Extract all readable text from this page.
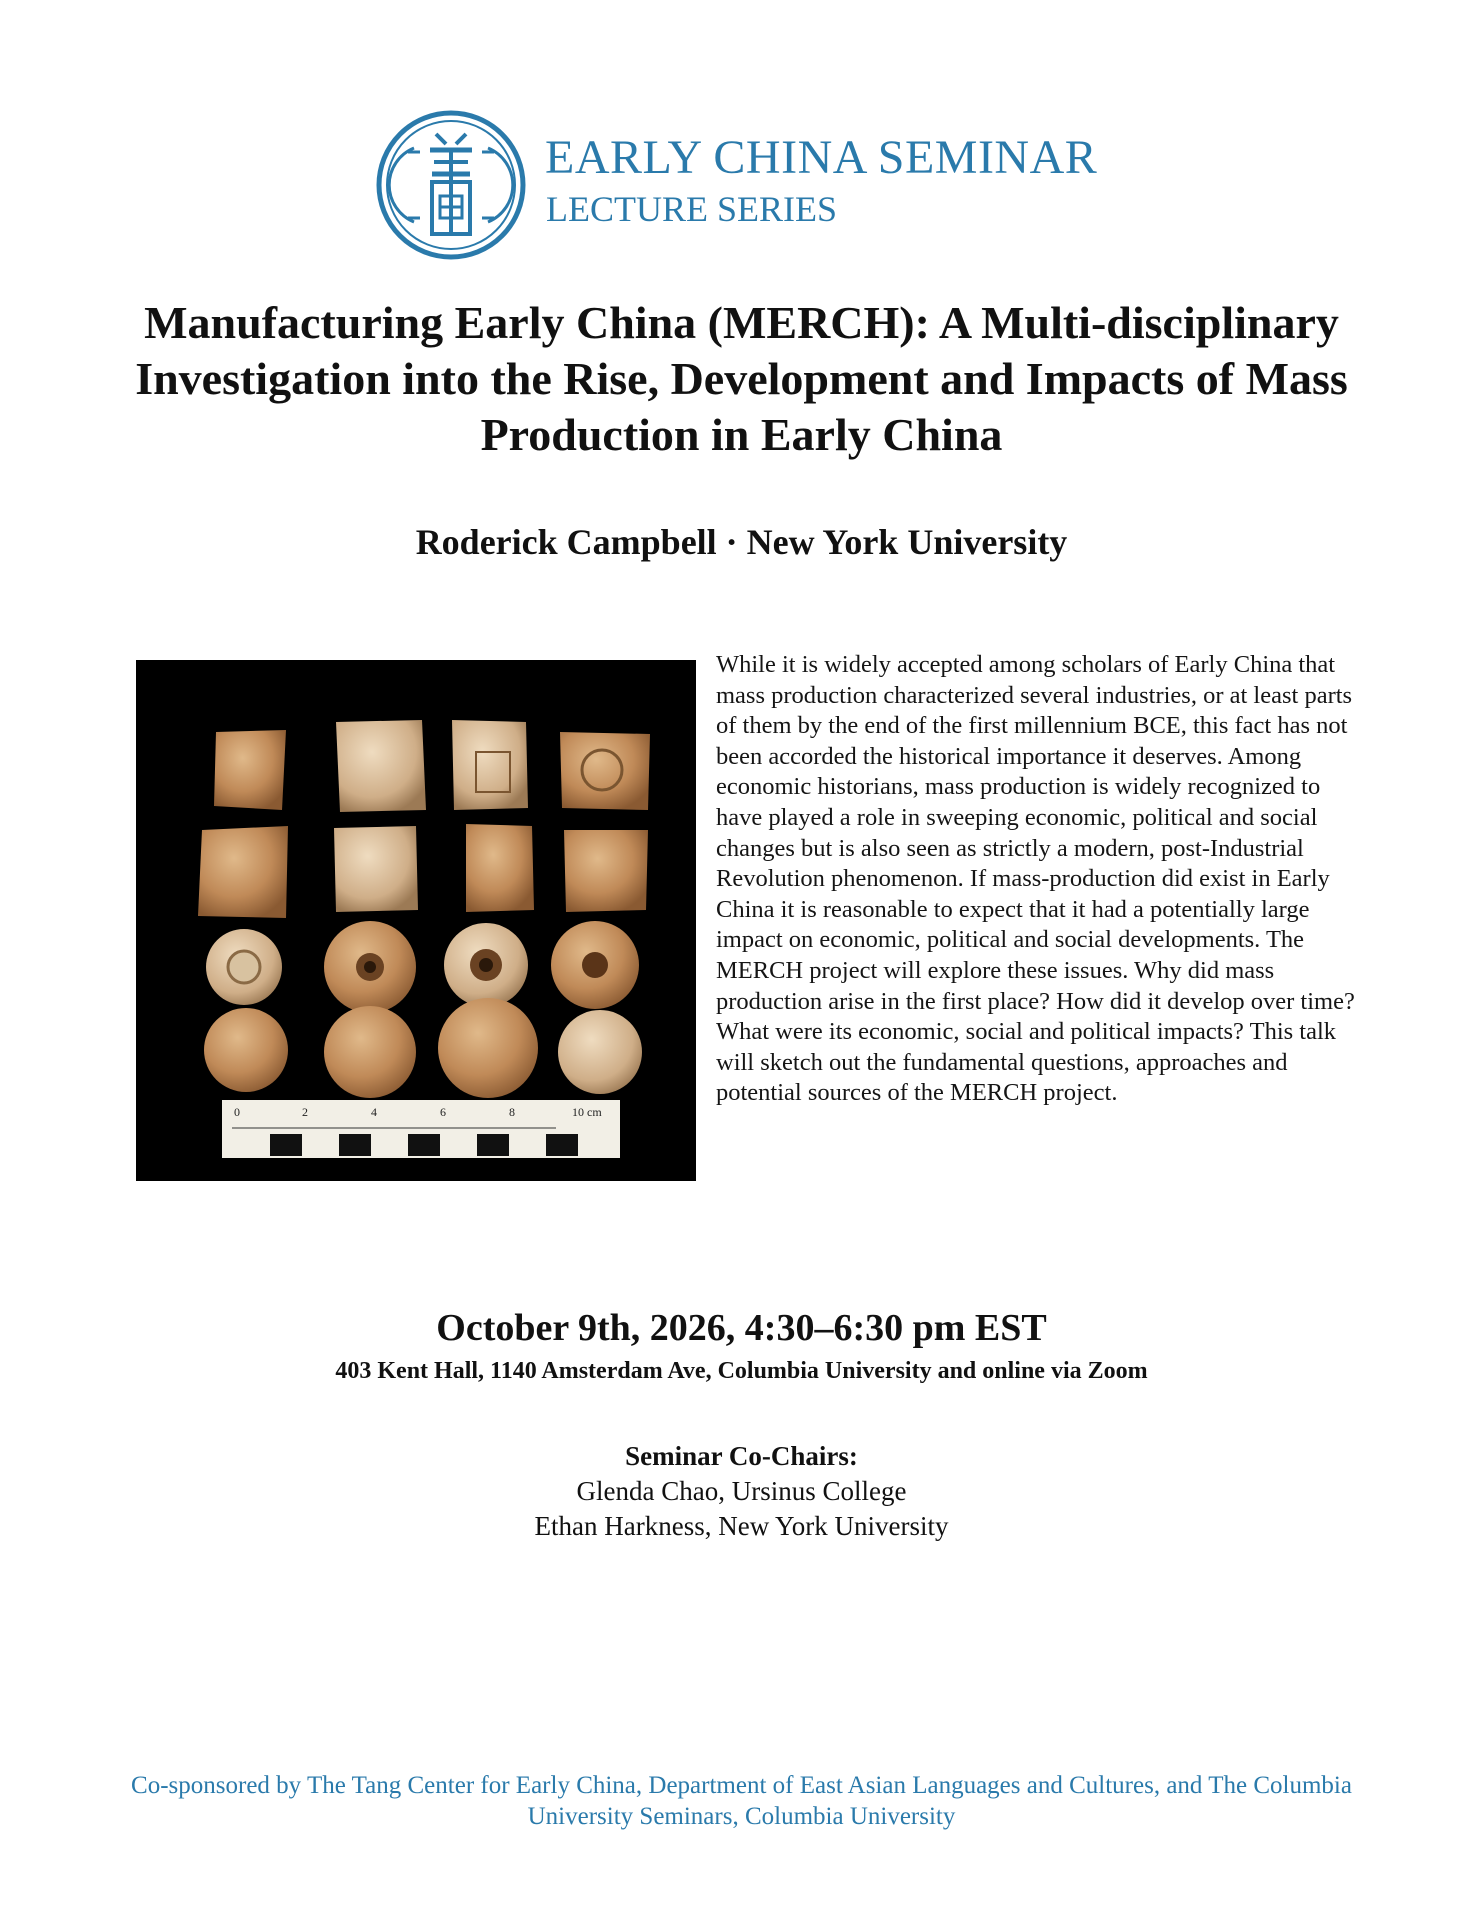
EARLY CHINA SEMINAR
LECTURE SERIES
Manufacturing Early China (MERCH): A Multi-disciplinary Investigation into the Rise, Development and Impacts of Mass Production in Early China
Roderick Campbell · New York University
0	2	4	6	8	10 cm

While it is widely accepted among scholars of Early China that mass production characterized several industries, or at least parts of them by the end of the first millennium BCE, this fact has not been accorded the historical importance it deserves. Among economic historians, mass production is widely recognized to have played a role in sweeping economic, political and social changes but is also seen as strictly a modern, post-Industrial Revolution phenomenon. If mass-production did exist in Early China it is reasonable to expect that it had a potentially large impact on economic, political and social developments. The MERCH project will explore these issues. Why did mass production arise in the first place? How did it develop over time? What were its economic, social and political impacts? This talk will sketch out the fundamental questions, approaches and potential sources of the MERCH project.

October 9th, 2026, 4:30–6:30 pm EST

403 Kent Hall, 1140 Amsterdam Ave, Columbia University and online via Zoom

Seminar Co-Chairs:
Glenda Chao, Ursinus College
Ethan Harkness, New York University

Co-sponsored by The Tang Center for Early China, Department of East Asian Languages and Cultures, and The Columbia University Seminars, Columbia University
